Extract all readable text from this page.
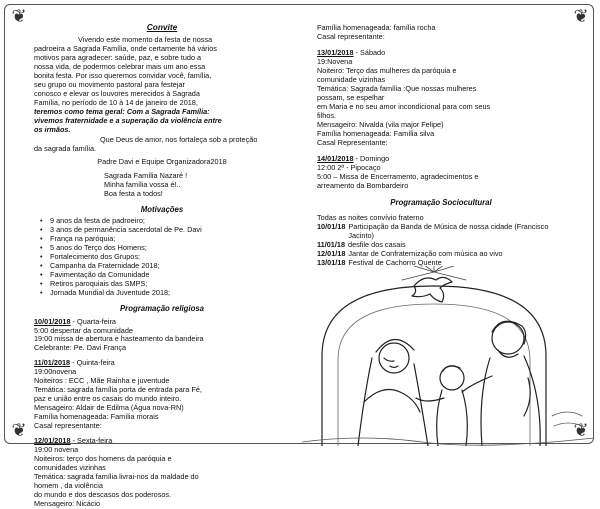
❦	❦
❦	❦
Convite
Vivendo este momento da festa de nossa
padroeira a Sagrada Família, onde certamente há vários
motivos para agradecer: saúde, paz, e sobre tudo a
nossa vida, de podermos celebrar mais um ano essa
bonita festa. Por isso queremos convidar você, família,
seu grupo ou movimento pastoral para festejar
conosco e elevar os louvores merecidos à Sagrada
Família, no período de 10 à 14 de janeiro de 2018,
teremos como tema geral: Com a Sagrada Família:
vivemos fraternidade e a superação da violência entre
os irmãos.
Que Deus de amor, nos fortaleça sob a proteção
da sagrada família.
Padre Davi e Equipe Organizadora2018
Sagrada Família Nazaré !
Minha família vossa é!..
Boa festa a todos!
Motivações
• 9 anos da festa de padroeiro;
• 3 anos de permanência sacerdotal de Pe. Davi
• França na paróquia;
• 5 anos do Terço dos Homens;
• Fortalecimento dos Grupos;
• Campanha da Fraternidade 2018;
• Favimentação da Comunidade
• Retiros paroquiais das SMPS;
• Jornada Mundial da Juventude 2018;
Programação religiosa
10/01/2018 - Quarta-feira
5:00 despertar da comunidade
19:00 missa de abertura e hasteamento da bandeira
Celebrante: Pe. Davi França
11/01/2018 - Quinta-feira
19:00novena
Noiteiros : ECC , Mãe Rainha e juventude
Temática: sagrada família porta de entrada para Fé,
paz e união entre os casais do mundo inteiro.
Mensageiro: Aldair de Edilma (Água nova-RN)
Família homenageada: Família morais
Casal representante:
12/01/2018 - Sexta-feira
19:00 novena
Noiteiros: terço dos homens da paróquia e
comunidades vizinhas
Temática: sagrada família livrai-nos da maldade do
homem , da violência
do mundo e dos descasos dos poderosos.
Mensageiro: Nicácio
Família homenageada: família rocha
Casal representante:
13/01/2018 - Sábado
19:Novena
Noiteiro: Terço das mulheres da paróquia e
comunidade vizinhas
Temática: Sagrada família :Que nossas mulheres
possam, se espelhar
em Maria e no seu amor incondicional para com seus
filhos.
Mensageiro: Nivalda (vila major Felipe)
Família homenageada: Família silva
Casal Representante:
14/01/2018 - Domingo
12:00 2ª - Pipocaço
5:00 – Missa de Encerramento, agradecimentos e
arreamento da Bombardeiro
Programação Sociocultural
Todas as noites convívio fraterno
10/01/18 Participação da Banda de Música de nossa cidade (Francisco Jacinto)
11/01/18 desfile dos casais
12/01/18 Jantar de Confraternização com música ao vivo
13/01/18 Festival de Cachorro Quente
